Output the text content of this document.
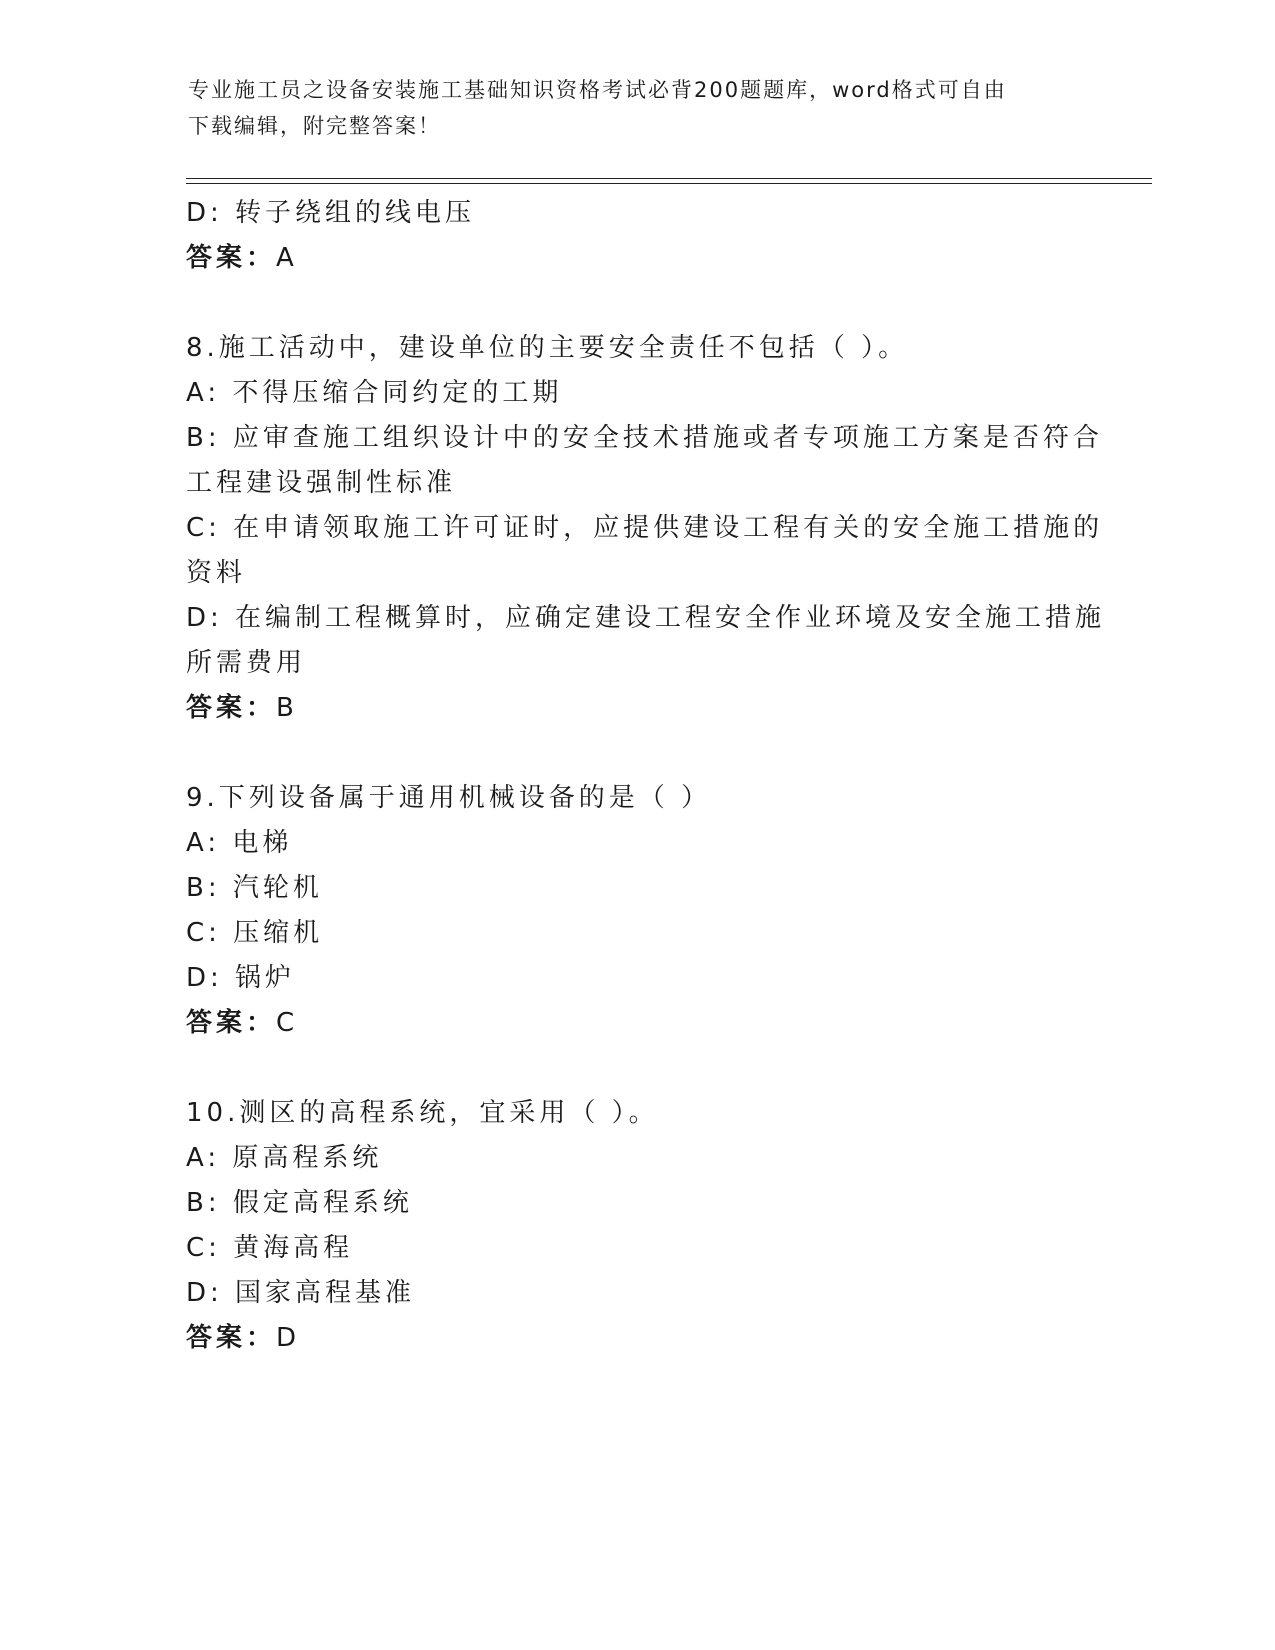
专业施工员之设备安装施工基础知识资格考试必背200题题库，word格式可自由
下载编辑，附完整答案！
D: 转子绕组的线电压
答案：A
8.施工活动中，建设单位的主要安全责任不包括（ ）。
A: 不得压缩合同约定的工期
B: 应审查施工组织设计中的安全技术措施或者专项施工方案是否符合
工程建设强制性标准
C: 在申请领取施工许可证时，应提供建设工程有关的安全施工措施的
资料
D: 在编制工程概算时，应确定建设工程安全作业环境及安全施工措施
所需费用
答案：B
9.下列设备属于通用机械设备的是（ ）
A: 电梯
B: 汽轮机
C: 压缩机
D: 锅炉
答案：C
10.测区的高程系统，宜采用（ ）。
A: 原高程系统
B: 假定高程系统
C: 黄海高程
D: 国家高程基准
答案：D
